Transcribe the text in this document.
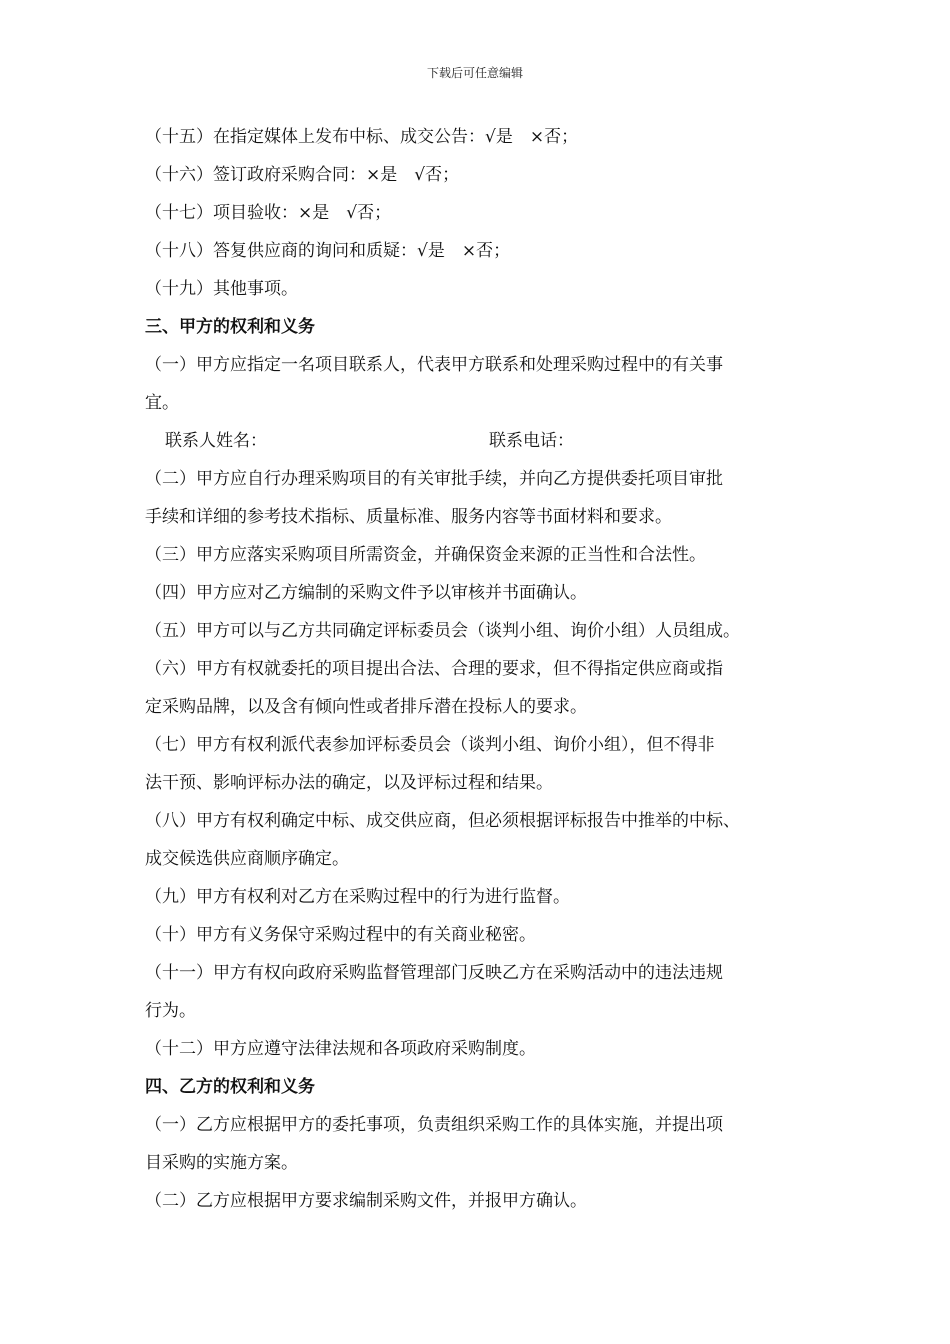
下载后可任意编辑

（十五）在指定媒体上发布中标、成交公告：√是　×否；

（十六）签订政府采购合同：×是　√否；

（十七）项目验收：×是　√否；

（十八）答复供应商的询问和质疑：√是　×否；

（十九）其他事项。

三、甲方的权利和义务

（一）甲方应指定一名项目联系人，代表甲方联系和处理采购过程中的有关事

宜。

联系人姓名：	联系电话：

（二）甲方应自行办理采购项目的有关审批手续，并向乙方提供委托项目审批

手续和详细的参考技术指标、质量标准、服务内容等书面材料和要求。

（三）甲方应落实采购项目所需资金，并确保资金来源的正当性和合法性。

（四）甲方应对乙方编制的采购文件予以审核并书面确认。

（五）甲方可以与乙方共同确定评标委员会（谈判小组、询价小组）人员组成。

（六）甲方有权就委托的项目提出合法、合理的要求，但不得指定供应商或指

定采购品牌，以及含有倾向性或者排斥潜在投标人的要求。

（七）甲方有权利派代表参加评标委员会（谈判小组、询价小组），但不得非

法干预、影响评标办法的确定，以及评标过程和结果。

（八）甲方有权利确定中标、成交供应商，但必须根据评标报告中推举的中标、

成交候选供应商顺序确定。

（九）甲方有权利对乙方在采购过程中的行为进行监督。

（十）甲方有义务保守采购过程中的有关商业秘密。

（十一）甲方有权向政府采购监督管理部门反映乙方在采购活动中的违法违规

行为。

（十二）甲方应遵守法律法规和各项政府采购制度。

四、乙方的权利和义务

（一）乙方应根据甲方的委托事项，负责组织采购工作的具体实施，并提出项

目采购的实施方案。

（二）乙方应根据甲方要求编制采购文件，并报甲方确认。
